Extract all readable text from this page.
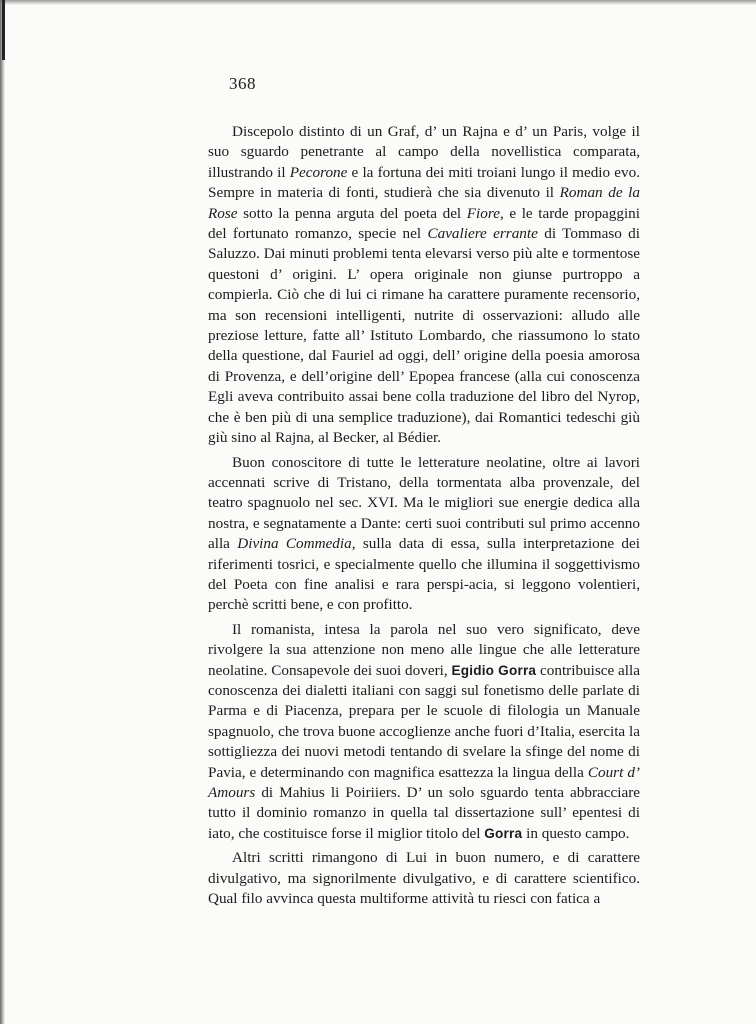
368

Discepolo distinto di un Graf, d’ un Rajna e d’ un Paris, volge il suo sguardo penetrante al campo della novellistica comparata, illustrando il Pecorone e la fortuna dei miti troiani lungo il medio evo. Sempre in materia di fonti, studierà che sia divenuto il Roman de la Rose sotto la penna arguta del poeta del Fiore, e le tarde propaggini del fortunato romanzo, specie nel Cavaliere errante di Tommaso di Saluzzo. Dai minuti problemi tenta elevarsi verso più alte e tormentose questoni d’ origini. L’ opera originale non giunse purtroppo a compierla. Ciò che di lui ci rimane ha carattere puramente recensorio, ma son recensioni intelligenti, nutrite di osservazioni: alludo alle preziose letture, fatte all’ Istituto Lombardo, che riassumono lo stato della questione, dal Fauriel ad oggi, dell’ origine della poesia amorosa di Provenza, e dell’origine dell’ Epopea francese (alla cui conoscenza Egli aveva contribuito assai bene colla traduzione del libro del Nyrop, che è ben più di una semplice traduzione), dai Romantici tedeschi giù giù sino al Rajna, al Becker, al Bédier.

Buon conoscitore di tutte le letterature neolatine, oltre ai lavori accennati scrive di Tristano, della tormentata alba provenzale, del teatro spagnuolo nel sec. XVI. Ma le migliori sue energie dedica alla nostra, e segnatamente a Dante: certi suoi contributi sul primo accenno alla Divina Commedia, sulla data di essa, sulla interpretazione dei riferimenti tosrici, e specialmente quello che illumina il soggettivismo del Poeta con fine analisi e rara perspi-acia, si leggono volentieri, perchè scritti bene, e con profitto.

Il romanista, intesa la parola nel suo vero significato, deve rivolgere la sua attenzione non meno alle lingue che alle letterature neolatine. Consapevole dei suoi doveri, Egidio Gorra contribuisce alla conoscenza dei dialetti italiani con saggi sul fonetismo delle parlate di Parma e di Piacenza, prepara per le scuole di filologia un Manuale spagnuolo, che trova buone accoglienze anche fuori d’Italia, esercita la sottigliezza dei nuovi metodi tentando di svelare la sfinge del nome di Pavia, e determinando con magnifica esattezza la lingua della Court d’ Amours di Mahius li Poiriiers. D’ un solo sguardo tenta abbracciare tutto il dominio romanzo in quella tal dissertazione sull’ epentesi di iato, che costituisce forse il miglior titolo del Gorra in questo campo.

Altri scritti rimangono di Lui in buon numero, e di carattere divulgativo, ma signorilmente divulgativo, e di carattere scientifico. Qual filo avvinca questa multiforme attività tu riesci con fatica a
